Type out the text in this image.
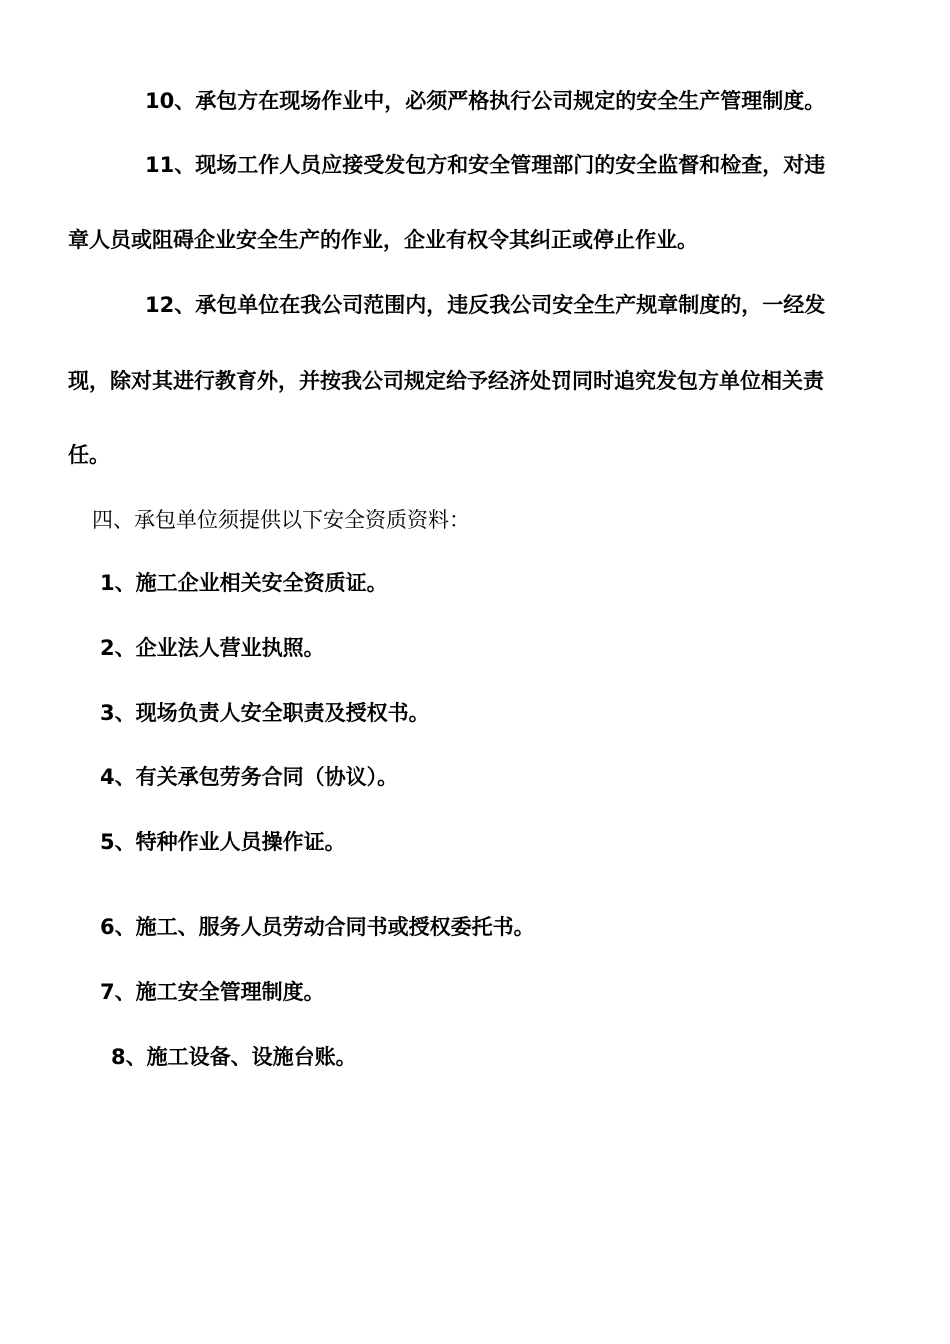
10、承包方在现场作业中，必须严格执行公司规定的安全生产管理制度。
11、现场工作人员应接受发包方和安全管理部门的安全监督和检查，对违
章人员或阻碍企业安全生产的作业，企业有权令其纠正或停止作业。
12、承包单位在我公司范围内，违反我公司安全生产规章制度的，一经发
现，除对其进行教育外，并按我公司规定给予经济处罚同时追究发包方单位相关责
任。
四、承包单位须提供以下安全资质资料：
1、施工企业相关安全资质证。
2、企业法人营业执照。
3、现场负责人安全职责及授权书。
4、有关承包劳务合同（协议）。
5、特种作业人员操作证。
6、施工、服务人员劳动合同书或授权委托书。
7、施工安全管理制度。
8、施工设备、设施台账。
